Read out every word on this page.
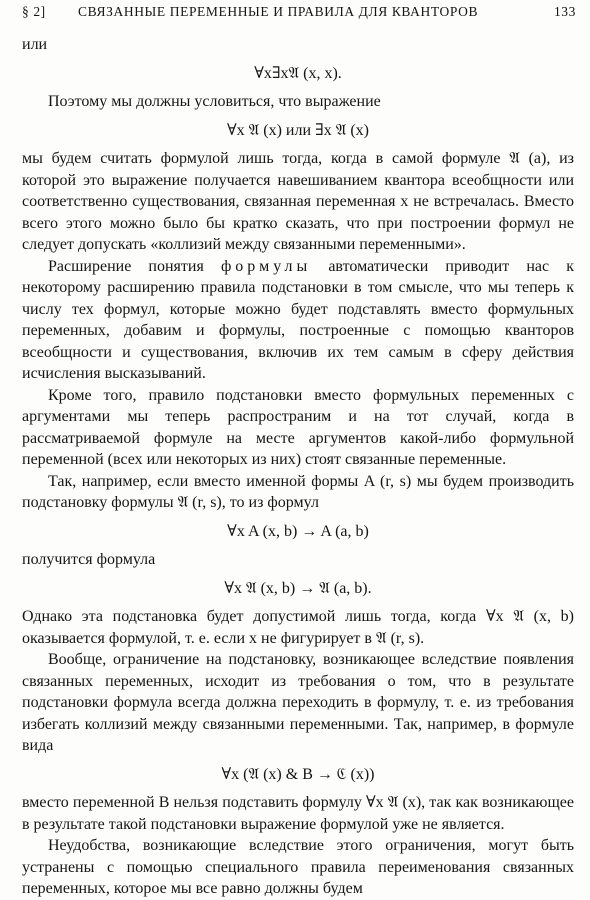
§ 2] СВЯЗАННЫЕ ПЕРЕМЕННЫЕ И ПРАВИЛА ДЛЯ КВАНТОРОВ	133

или

∀x∃x𝔄 (x, x).

Поэтому мы должны условиться, что выражение

∀x 𝔄 (x) или ∃x 𝔄 (x)

мы будем считать формулой лишь тогда, когда в самой формуле 𝔄 (a), из которой это выражение получается навешиванием квантора всеобщности или соответственно существования, связанная переменная x не встречалась. Вместо всего этого можно было бы кратко сказать, что при построении формул не следует допускать «коллизий между связанными переменными».

Расширение понятия формулы автоматически приводит нас к некоторому расширению правила подстановки в том смысле, что мы теперь к числу тех формул, которые можно будет подставлять вместо формульных переменных, добавим и формулы, построенные с помощью кванторов всеобщности и существования, включив их тем самым в сферу действия исчисления высказываний.

Кроме того, правило подстановки вместо формульных переменных с аргументами мы теперь распространим и на тот случай, когда в рассматриваемой формуле на месте аргументов какой-либо формульной переменной (всех или некоторых из них) стоят связанные переменные.

Так, например, если вместо именной формы A (r, s) мы будем производить подстановку формулы 𝔄 (r, s), то из формул

∀x A (x, b) → A (a, b)

получится формула

∀x 𝔄 (x, b) → 𝔄 (a, b).

Однако эта подстановка будет допустимой лишь тогда, когда ∀x 𝔄 (x, b) оказывается формулой, т. е. если x не фигурирует в 𝔄 (r, s).

Вообще, ограничение на подстановку, возникающее вследствие появления связанных переменных, исходит из требования о том, что в результате подстановки формула всегда должна переходить в формулу, т. е. из требования избегать коллизий между связанными переменными. Так, например, в формуле вида

∀x (𝔄 (x) & B → ℭ (x))

вместо переменной B нельзя подставить формулу ∀x 𝔄 (x), так как возникающее в результате такой подстановки выражение формулой уже не является.

Неудобства, возникающие вследствие этого ограничения, могут быть устранены с помощью специального правила переименования связанных переменных, которое мы все равно должны будем
